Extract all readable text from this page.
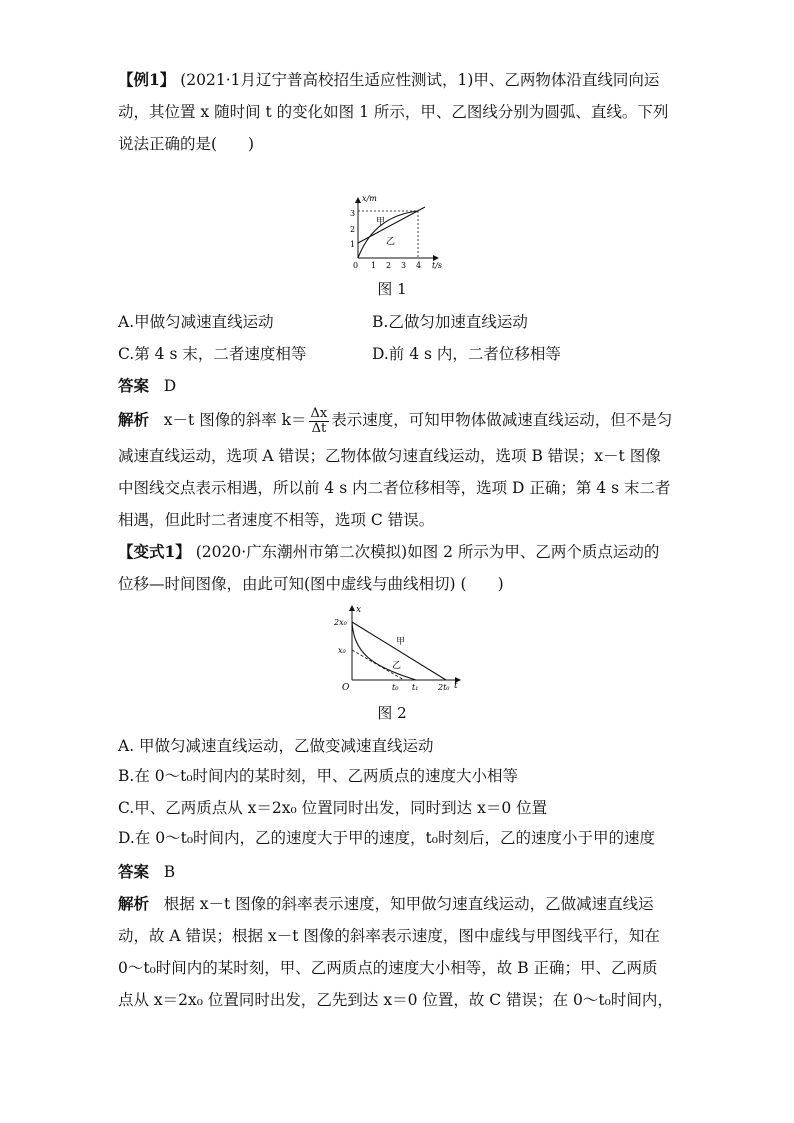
【例1】 (2021·1月辽宁普高校招生适应性测试，1)甲、乙两物体沿直线同向运
动，其位置 x 随时间 t 的变化如图 1 所示，甲、乙图线分别为圆弧、直线。下列
说法正确的是(　　)
x/m
t/s
1
2
3
0 1 2 3 4
甲
乙
图 1
A.甲做匀减速直线运动	B.乙做匀加速直线运动
C.第 4 s 末，二者速度相等	D.前 4 s 内，二者位移相等
答案 D
解析 x－t 图像的斜率 $k= \frac{\Delta x}{\Delta t}$ 表示速度，可知甲物体做减速直线运动，但不是匀
减速直线运动，选项 A 错误；乙物体做匀速直线运动，选项 B 错误；x－t 图像
中图线交点表示相遇，所以前 4 s 内二者位移相等，选项 D 正确；第 4 s 末二者
相遇，但此时二者速度不相等，选项 C 错误。
【变式1】 (2020·广东潮州市第二次模拟)如图 2 所示为甲、乙两个质点运动的
位移—时间图像，由此可知(图中虚线与曲线相切) (　　)
x
t
2x₀
x₀
O	t₀ t₁ 2t₀
甲
乙
图 2
A. 甲做匀减速直线运动，乙做变减速直线运动
B.在 0～t₀时间内的某时刻，甲、乙两质点的速度大小相等
C.甲、乙两质点从 x＝2x₀ 位置同时出发，同时到达 x＝0 位置
D.在 0～t₀时间内，乙的速度大于甲的速度，t₀时刻后，乙的速度小于甲的速度
答案 B
解析 根据 x－t 图像的斜率表示速度，知甲做匀速直线运动，乙做减速直线运
动，故 A 错误；根据 x－t 图像的斜率表示速度，图中虚线与甲图线平行，知在
0～t₀时间内的某时刻，甲、乙两质点的速度大小相等，故 B 正确；甲、乙两质
点从 x＝2x₀ 位置同时出发，乙先到达 x＝0 位置，故 C 错误；在 0～t₀时间内，
